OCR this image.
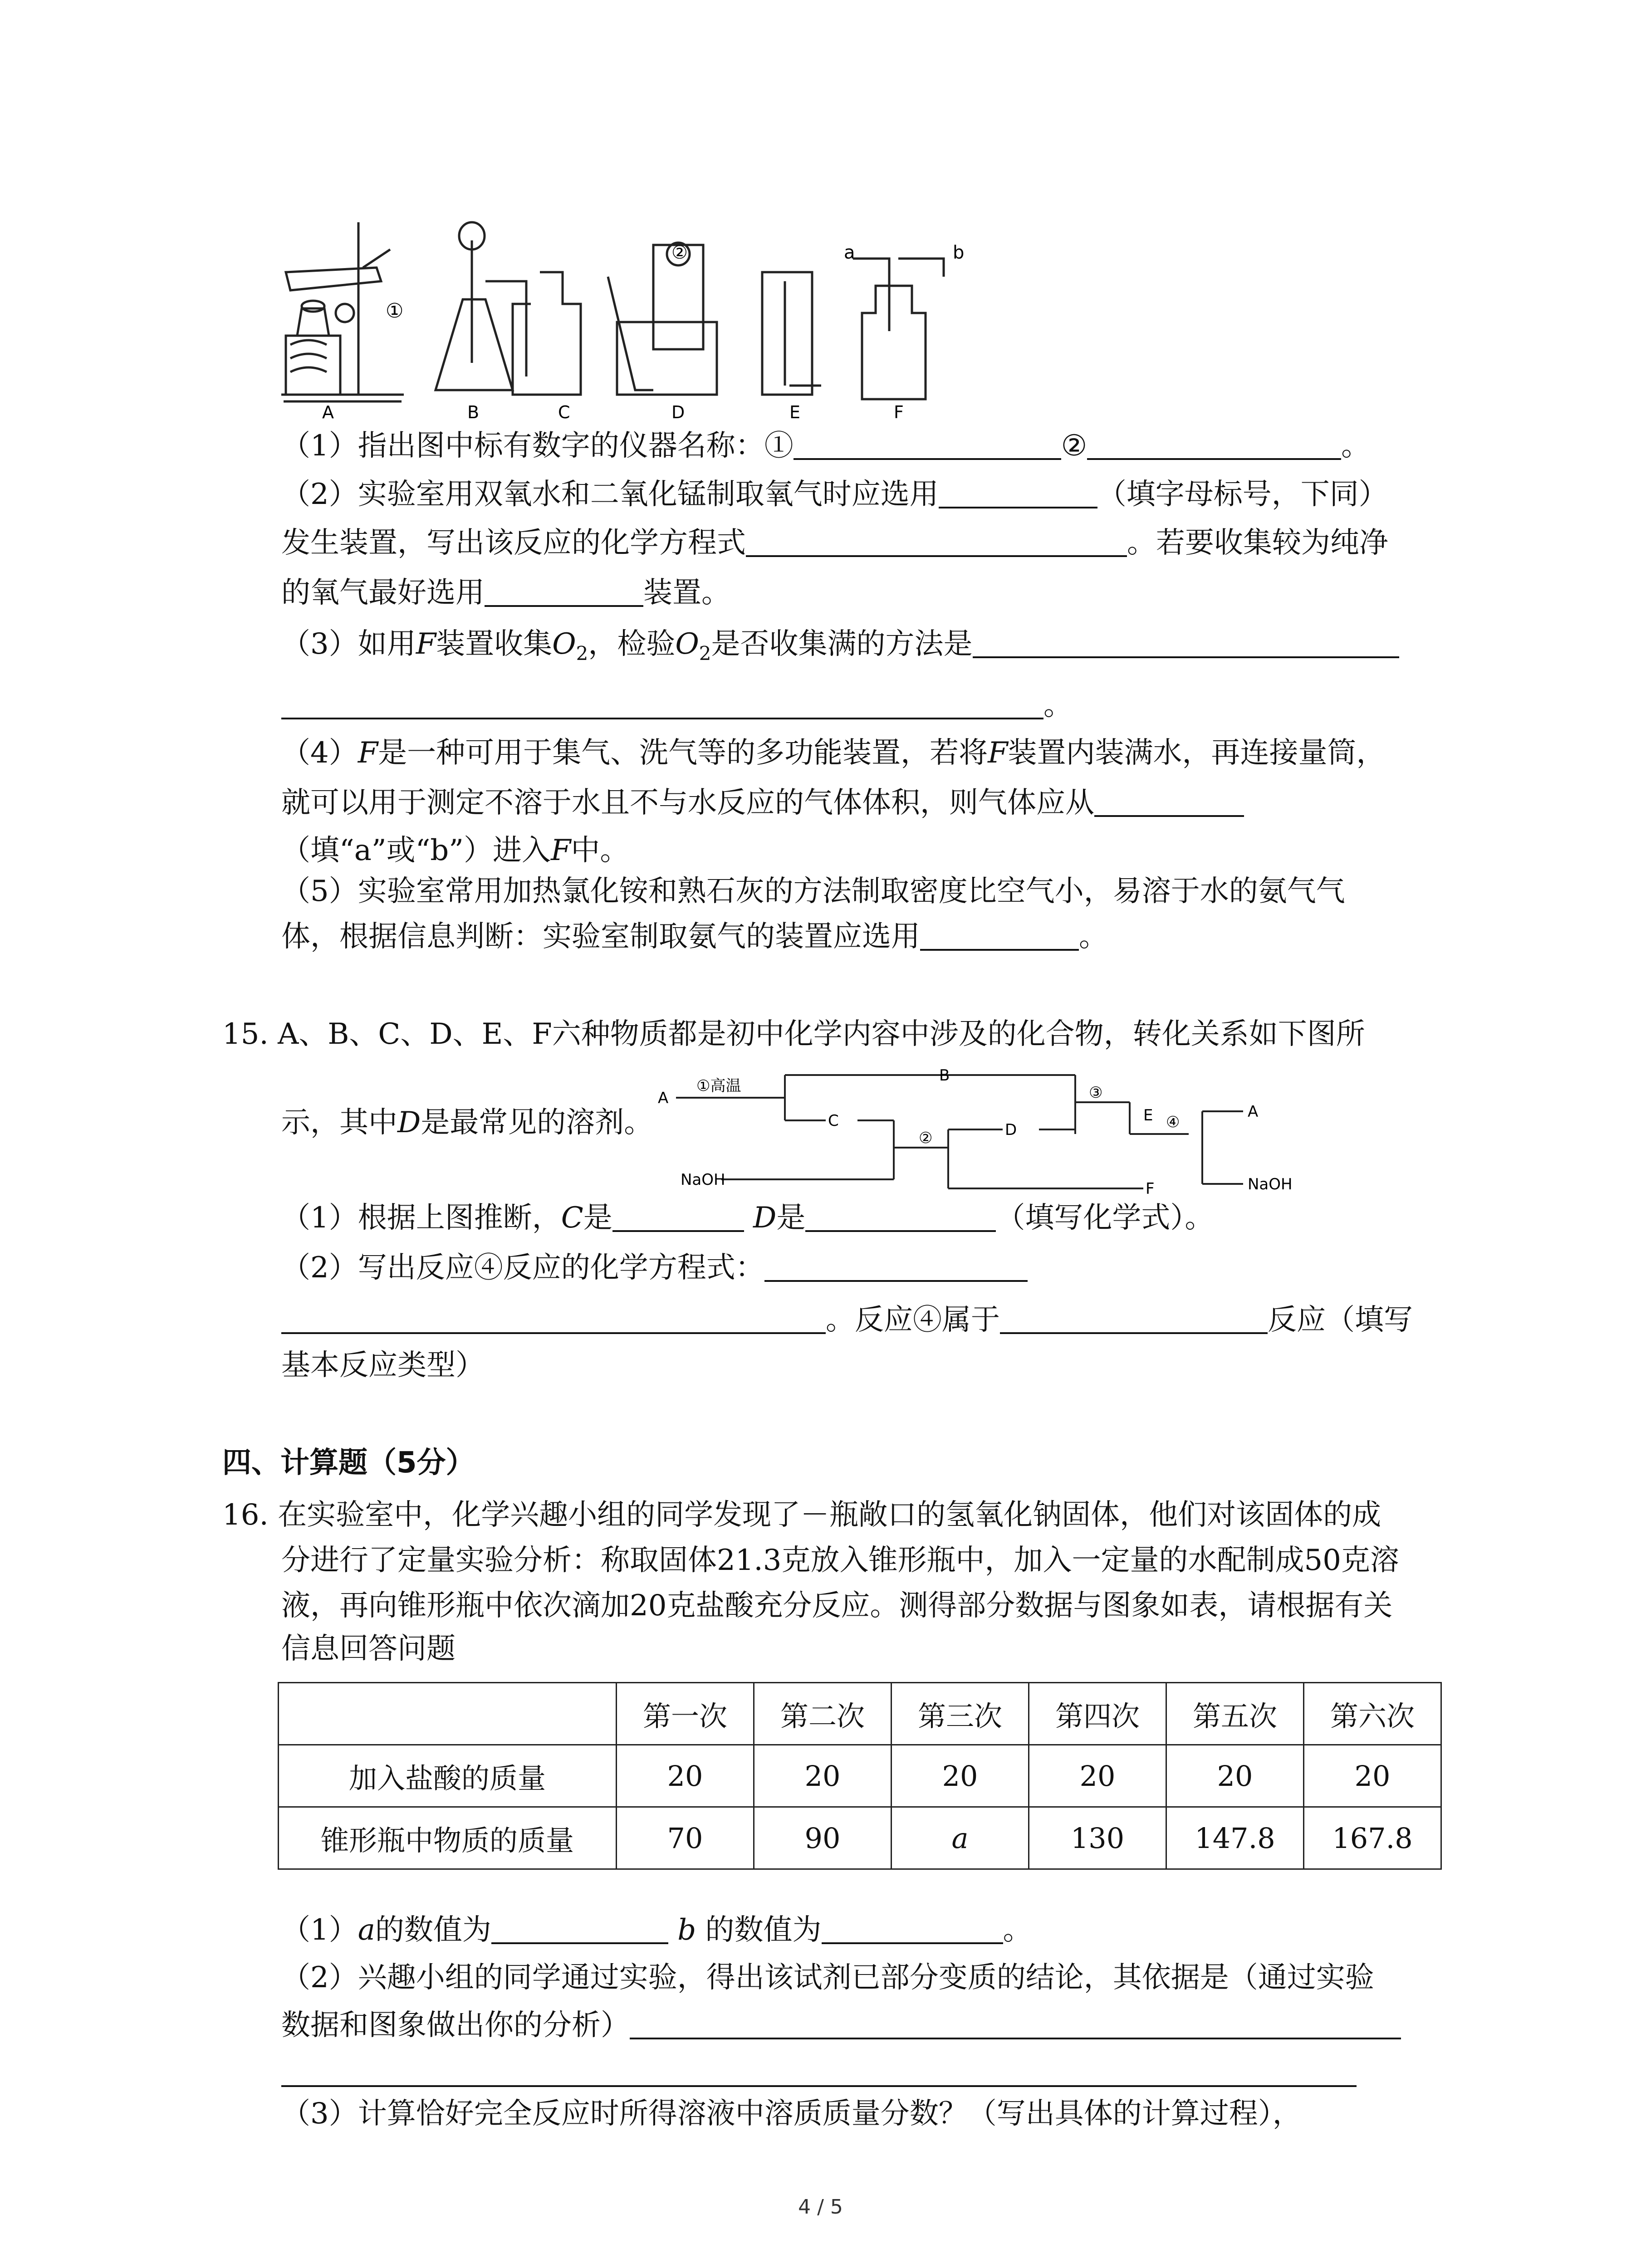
①
②	a	b
A	B	C	D	E	F
（1）指出图中标有数字的仪器名称：①	②	。
（2）实验室用双氧水和二氧化锰制取氧气时应选用	（填字母标号，下同）
发生装置，写出该反应的化学方程式	。若要收集较为纯净
的氧气最好选用	装置。
（3）如用F装置收集$O_2$，检验$O_2$是否收集满的方法是
。
（4）F是一种可用于集气、洗气等的多功能装置，若将F装置内装满水，再连接量筒，
就可以用于测定不溶于水且不与水反应的气体体积，则气体应从
（填“a”或“b”）进入F中。
（5）实验室常用加热氯化铵和熟石灰的方法制取密度比空气小，易溶于水的氨气气
体，根据信息判断：实验室制取氨气的装置应选用	。
15. A、B、C、D、E、F六种物质都是初中化学内容中涉及的化合物，转化关系如下图所
示，其中D是最常见的溶剂。
A
①高温
B
C
②	D
③
E ④
F
NaOH
A
NaOH
（1）根据上图推断，C是	D是	（填写化学式）。
（2）写出反应④反应的化学方程式：
。反应④属于	反应（填写
基本反应类型）
四、计算题（5分）
16. 在实验室中，化学兴趣小组的同学发现了－瓶敞口的氢氧化钠固体，他们对该固体的成
分进行了定量实验分析：称取固体21.3克放入锥形瓶中，加入一定量的水配制成50克溶
液，再向锥形瓶中依次滴加20克盐酸充分反应。测得部分数据与图象如表，请根据有关
信息回答问题
	第一次	第二次	第三次	第四次	第五次	第六次
加入盐酸的质量	20	20	20	20	20	20
锥形瓶中物质的质量	70	90	a	130	147.8	167.8
（1）a的数值为	b 的数值为	。
（2）兴趣小组的同学通过实验，得出该试剂已部分变质的结论，其依据是（通过实验
数据和图象做出你的分析）
（3）计算恰好完全反应时所得溶液中溶质质量分数？（写出具体的计算过程），
4 / 5
